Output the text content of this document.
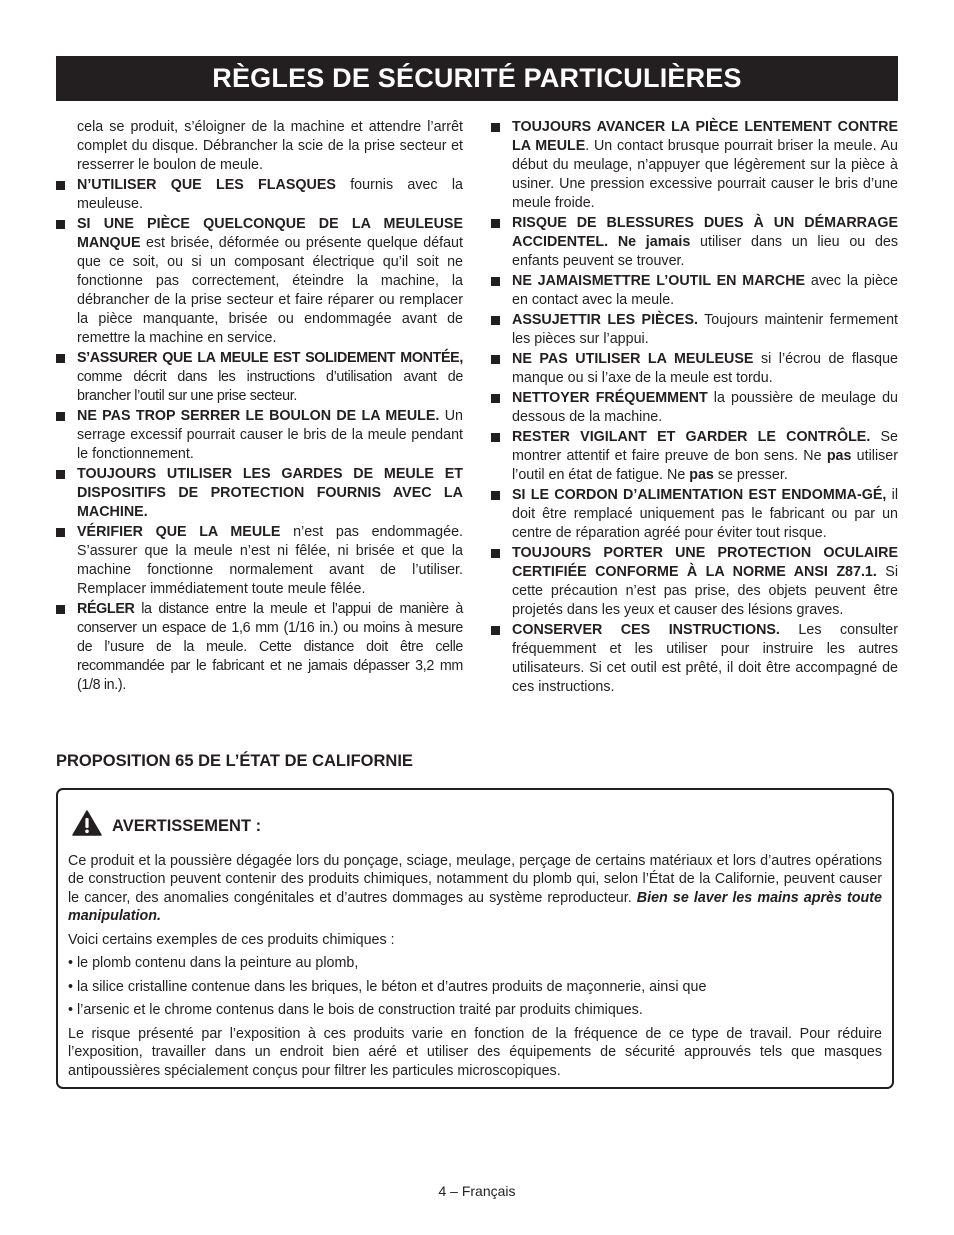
RÈGLES DE SÉCURITÉ PARTICULIÈRES
cela se produit, s’éloigner de la machine et attendre l’arrêt complet du disque. Débrancher la scie de la prise secteur et resserrer le boulon de meule.
N’UTILISER QUE LES FLASQUES fournis avec la meuleuse.
SI UNE PIÈCE QUELCONQUE DE LA MEULEUSE MANQUE est brisée, déformée ou présente quelque défaut que ce soit, ou si un composant électrique qu’il soit ne fonctionne pas correctement, éteindre la machine, la débrancher de la prise secteur et faire réparer ou remplacer la pièce manquante, brisée ou endommagée avant de remettre la machine en service.
S’ASSURER QUE LA MEULE EST SOLIDEMENT MONTÉE, comme décrit dans les instructions d’utilisation avant de brancher l’outil sur une prise secteur.
NE PAS TROP SERRER LE BOULON DE LA MEULE. Un serrage excessif pourrait causer le bris de la meule pendant le fonctionnement.
TOUJOURS UTILISER LES GARDES DE MEULE ET DISPOSITIFS DE PROTECTION FOURNIS AVEC LA MACHINE.
VÉRIFIER QUE LA MEULE n’est pas endommagée. S’assurer que la meule n’est ni fêlée, ni brisée et que la machine fonctionne normalement avant de l’utiliser. Remplacer immédiatement toute meule fêlée.
RÉGLER la distance entre la meule et l’appui de manière à conserver un espace de 1,6 mm (1/16 in.) ou moins à mesure de l’usure de la meule. Cette distance doit être celle recommandée par le fabricant et ne jamais dépasser 3,2 mm (1/8 in.).
TOUJOURS AVANCER LA PIÈCE LENTEMENT CONTRE LA MEULE. Un contact brusque pourrait briser la meule. Au début du meulage, n’appuyer que légèrement sur la pièce à usiner. Une pression excessive pourrait causer le bris d’une meule froide.
RISQUE DE BLESSURES DUES À UN DÉMARRAGE ACCIDENTEL. Ne jamais utiliser dans un lieu ou des enfants peuvent se trouver.
NE JAMAISMETTRE L’OUTIL EN MARCHE avec la pièce en contact avec la meule.
ASSUJETTIR LES PIÈCES. Toujours maintenir fermement les pièces sur l’appui.
NE PAS UTILISER LA MEULEUSE si l’écrou de flasque manque ou si l’axe de la meule est tordu.
NETTOYER FRÉQUEMMENT la poussière de meulage du dessous de la machine.
RESTER VIGILANT ET GARDER LE CONTRÔLE. Se montrer attentif et faire preuve de bon sens. Ne pas utiliser l’outil en état de fatigue. Ne pas se presser.
SI LE CORDON D’ALIMENTATION EST ENDOMMA-GÉ, il doit être remplacé uniquement pas le fabricant ou par un centre de réparation agréé pour éviter tout risque.
TOUJOURS PORTER UNE PROTECTION OCULAIRE CERTIFIÉE CONFORME À LA NORME ANSI Z87.1. Si cette précaution n’est pas prise, des objets peuvent être projetés dans les yeux et causer des lésions graves.
CONSERVER CES INSTRUCTIONS. Les consulter fréquemment et les utiliser pour instruire les autres utilisateurs. Si cet outil est prêté, il doit être accompagné de ces instructions.
PROPOSITION 65 DE L’ÉTAT DE CALIFORNIE
AVERTISSEMENT :

Ce produit et la poussière dégagée lors du ponçage, sciage, meulage, perçage de certains matériaux et lors d’autres opérations de construction peuvent contenir des produits chimiques, notamment du plomb qui, selon l’État de la Californie, peuvent causer le cancer, des anomalies congénitales et d’autres dommages au système reproducteur. Bien se laver les mains après toute manipulation.

Voici certains exemples de ces produits chimiques :

• le plomb contenu dans la peinture au plomb,

• la silice cristalline contenue dans les briques, le béton et d’autres produits de maçonnerie, ainsi que

• l’arsenic et le chrome contenus dans le bois de construction traité par produits chimiques.

Le risque présenté par l’exposition à ces produits varie en fonction de la fréquence de ce type de travail. Pour réduire l’exposition, travailler dans un endroit bien aéré et utiliser des équipements de sécurité approuvés tels que masques antipoussières spécialement conçus pour filtrer les particules microscopiques.

4 – Français
